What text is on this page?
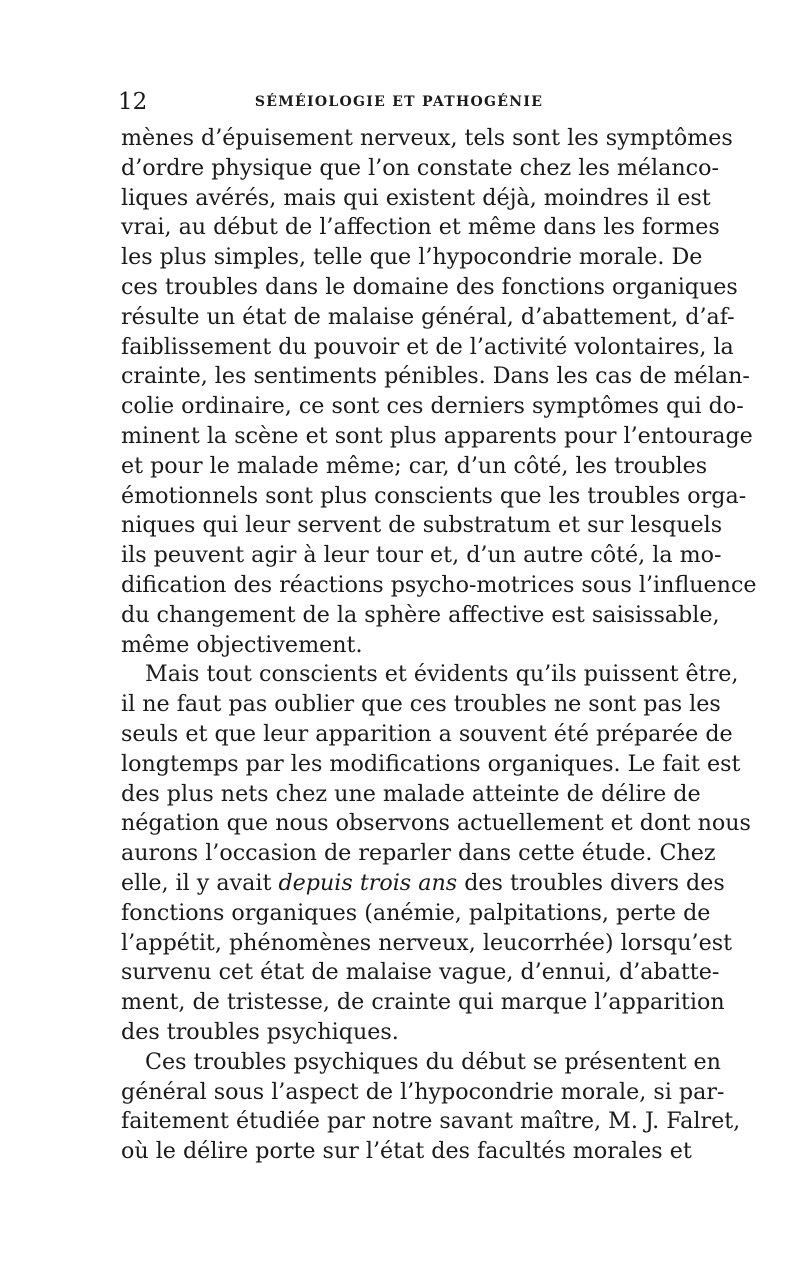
12	SÉMÉIOLOGIE ET PATHOGÉNIE
mènes d’épuisement nerveux, tels sont les symptômes
d’ordre physique que l’on constate chez les mélanco-
liques avérés, mais qui existent déjà, moindres il est
vrai, au début de l’affection et même dans les formes
les plus simples, telle que l’hypocondrie morale. De
ces troubles dans le domaine des fonctions organiques
résulte un état de malaise général, d’abattement, d’af-
faiblissement du pouvoir et de l’activité volontaires, la
crainte, les sentiments pénibles. Dans les cas de mélan-
colie ordinaire, ce sont ces derniers symptômes qui do-
minent la scène et sont plus apparents pour l’entourage
et pour le malade même; car, d’un côté, les troubles
émotionnels sont plus conscients que les troubles orga-
niques qui leur servent de substratum et sur lesquels
ils peuvent agir à leur tour et, d’un autre côté, la mo-
dification des réactions psycho-motrices sous l’influence
du changement de la sphère affective est saisissable,
même objectivement.
Mais tout conscients et évidents qu’ils puissent être,
il ne faut pas oublier que ces troubles ne sont pas les
seuls et que leur apparition a souvent été préparée de
longtemps par les modifications organiques. Le fait est
des plus nets chez une malade atteinte de délire de
négation que nous observons actuellement et dont nous
aurons l’occasion de reparler dans cette étude. Chez
elle, il y avait depuis trois ans des troubles divers des
fonctions organiques (anémie, palpitations, perte de
l’appétit, phénomènes nerveux, leucorrhée) lorsqu’est
survenu cet état de malaise vague, d’ennui, d’abatte-
ment, de tristesse, de crainte qui marque l’apparition
des troubles psychiques.
Ces troubles psychiques du début se présentent en
général sous l’aspect de l’hypocondrie morale, si par-
faitement étudiée par notre savant maître, M. J. Falret,
où le délire porte sur l’état des facultés morales et
